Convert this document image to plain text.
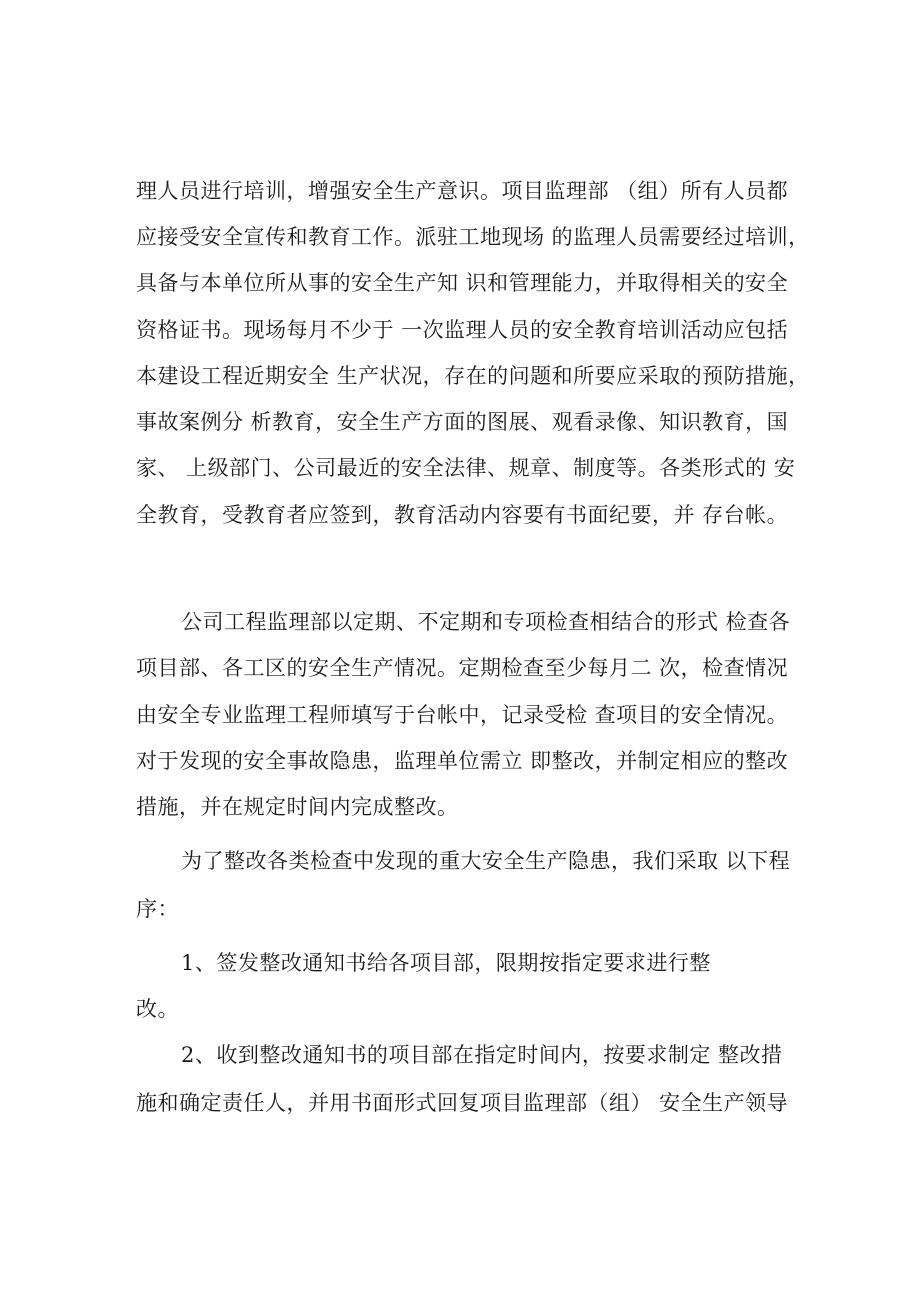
理人员进行培训，增强安全生产意识。项目监理部 （组）所有人员都
应接受安全宣传和教育工作。派驻工地现场 的监理人员需要经过培训，
具备与本单位所从事的安全生产知 识和管理能力，并取得相关的安全
资格证书。现场每月不少于 一次监理人员的安全教育培训活动应包括
本建设工程近期安全 生产状况，存在的问题和所要应采取的预防措施，
事故案例分 析教育，安全生产方面的图展、观看录像、知识教育，国
家、 上级部门、公司最近的安全法律、规章、制度等。各类形式的 安
全教育，受教育者应签到，教育活动内容要有书面纪要，并 存台帐。
公司工程监理部以定期、不定期和专项检查相结合的形式 检查各
项目部、各工区的安全生产情况。定期检查至少每月二 次，检查情况
由安全专业监理工程师填写于台帐中，记录受检 查项目的安全情况。
对于发现的安全事故隐患，监理单位需立 即整改，并制定相应的整改
措施，并在规定时间内完成整改。
为了整改各类检查中发现的重大安全生产隐患，我们采取 以下程
序：
1、签发整改通知书给各项目部，限期按指定要求进行整
改。
2、收到整改通知书的项目部在指定时间内，按要求制定 整改措
施和确定责任人，并用书面形式回复项目监理部（组） 安全生产领导
